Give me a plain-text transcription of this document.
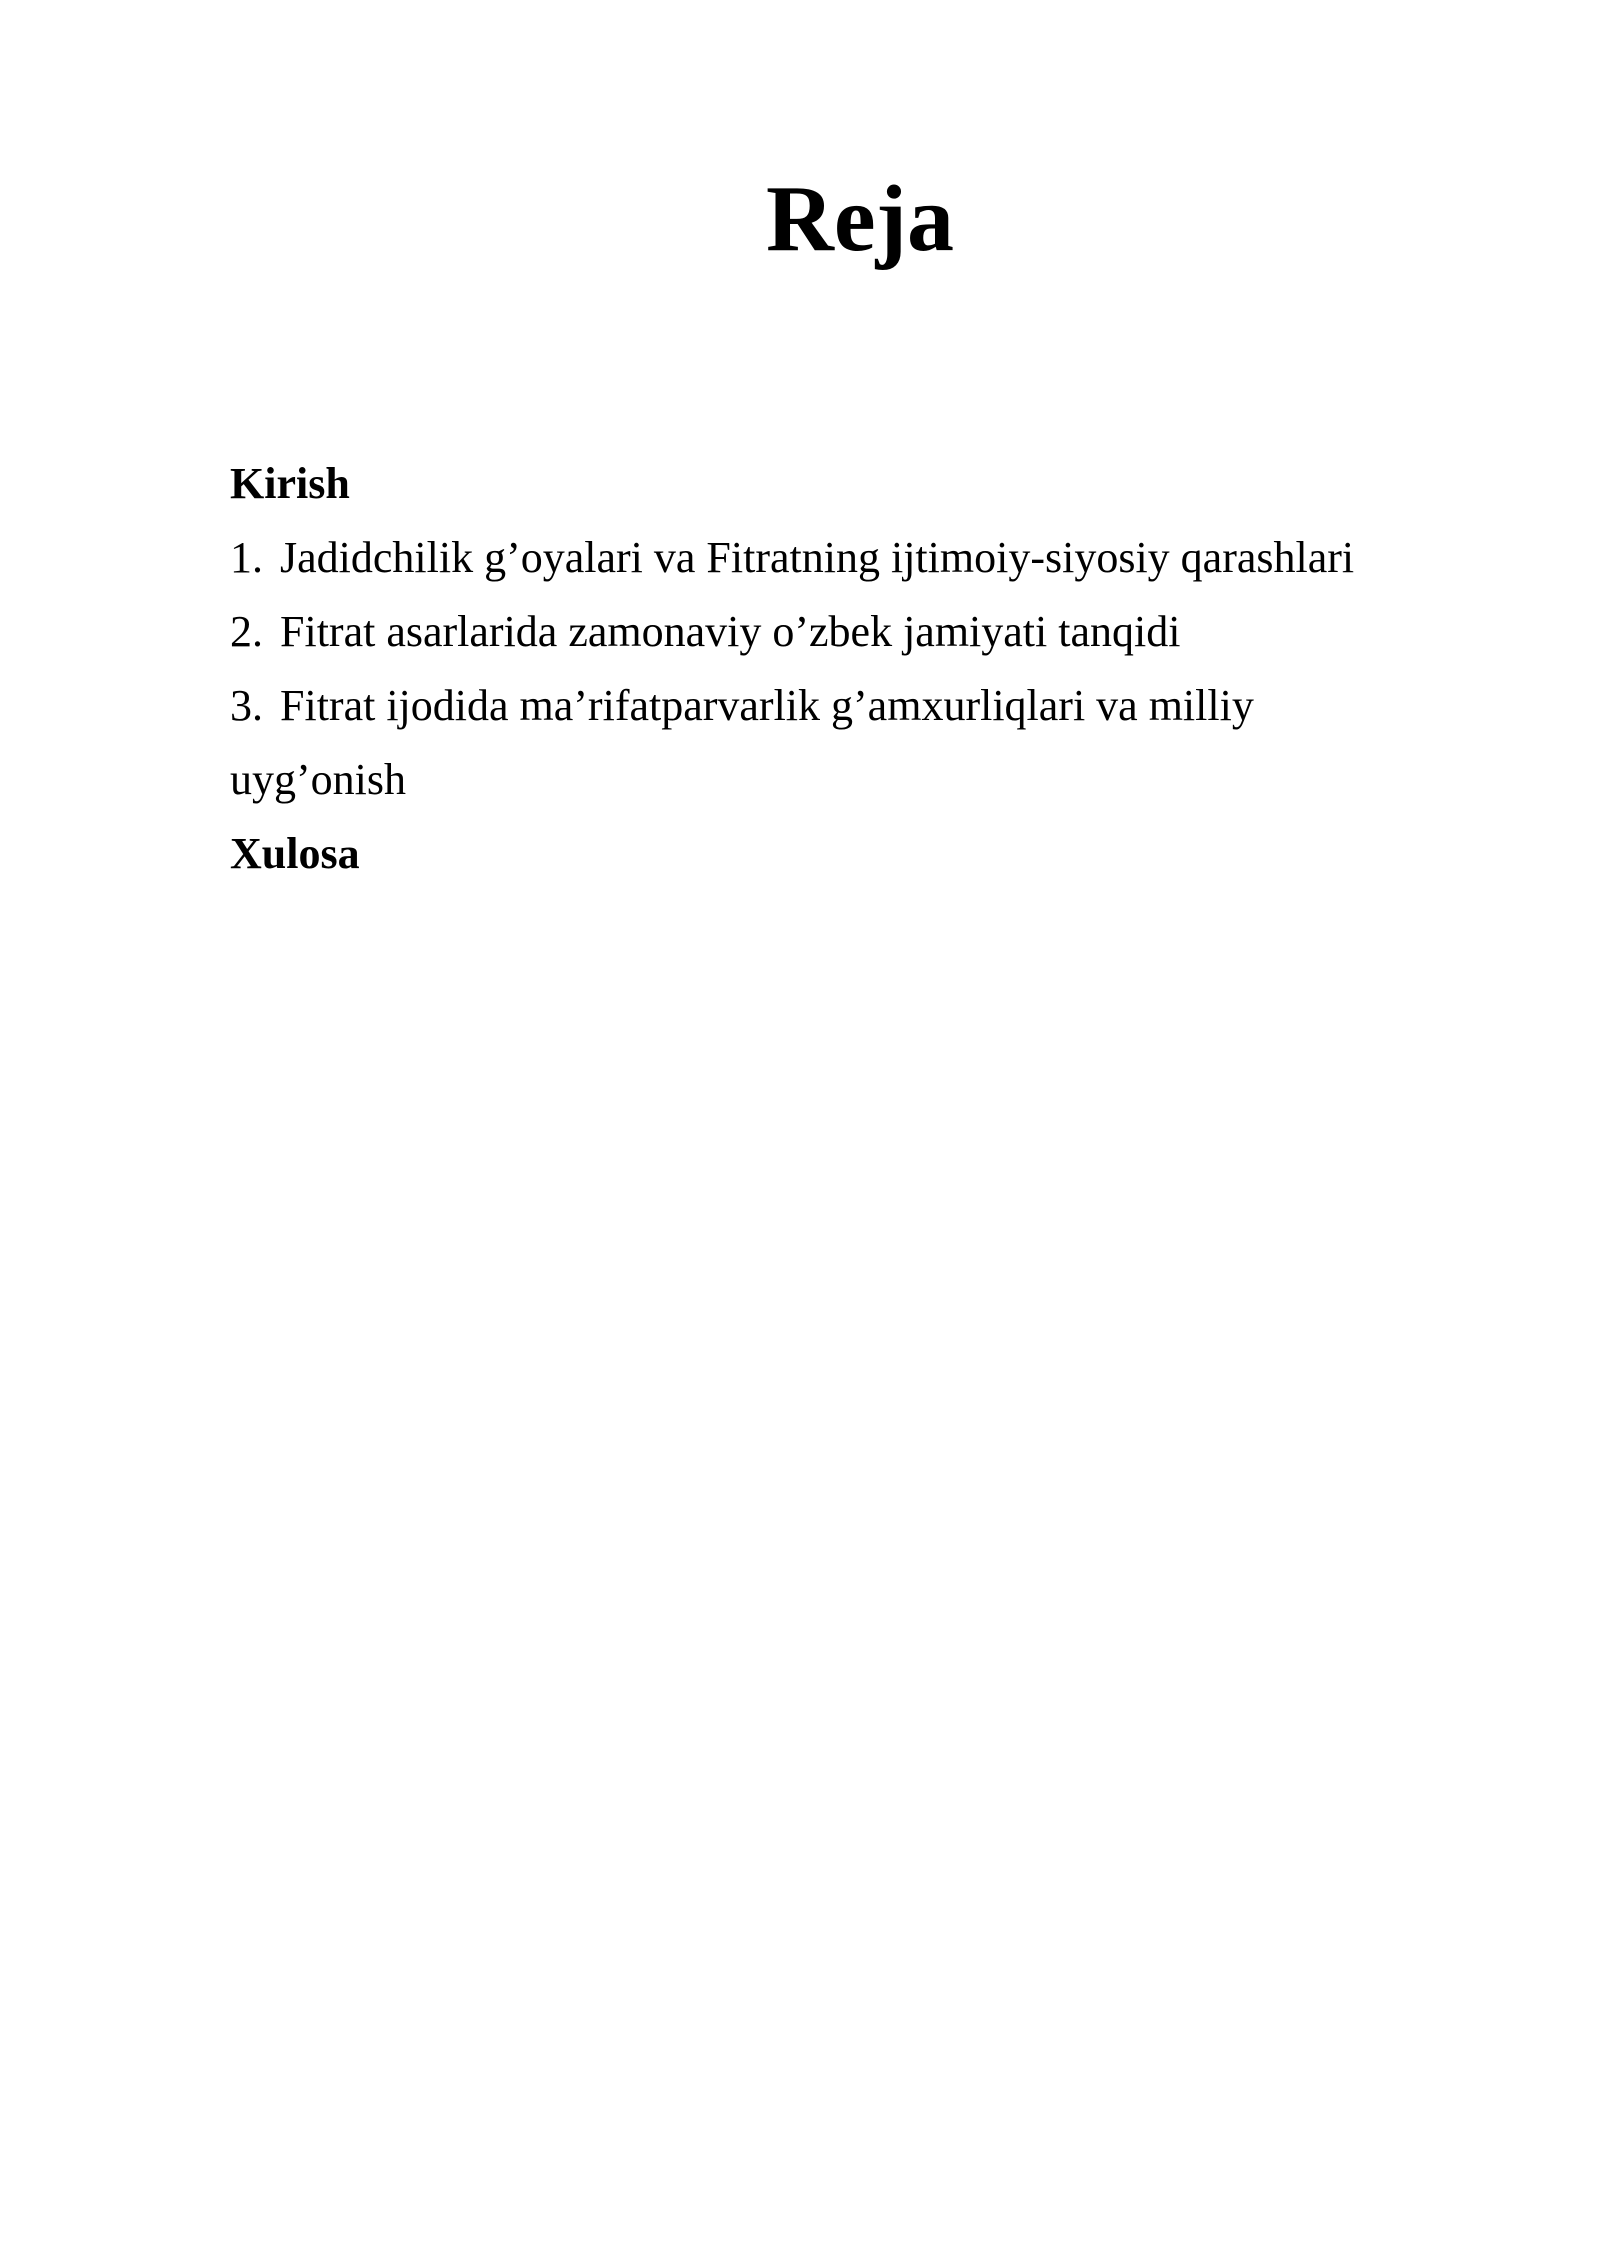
Reja
Kirish
1. Jadidchilik g’oyalari va Fitratning ijtimoiy-siyosiy qarashlari
2. Fitrat asarlarida zamonaviy o’zbek jamiyati tanqidi
3. Fitrat ijodida ma’rifatparvarlik g’amxurliqlari va milliy
uyg’onish
Xulosa
